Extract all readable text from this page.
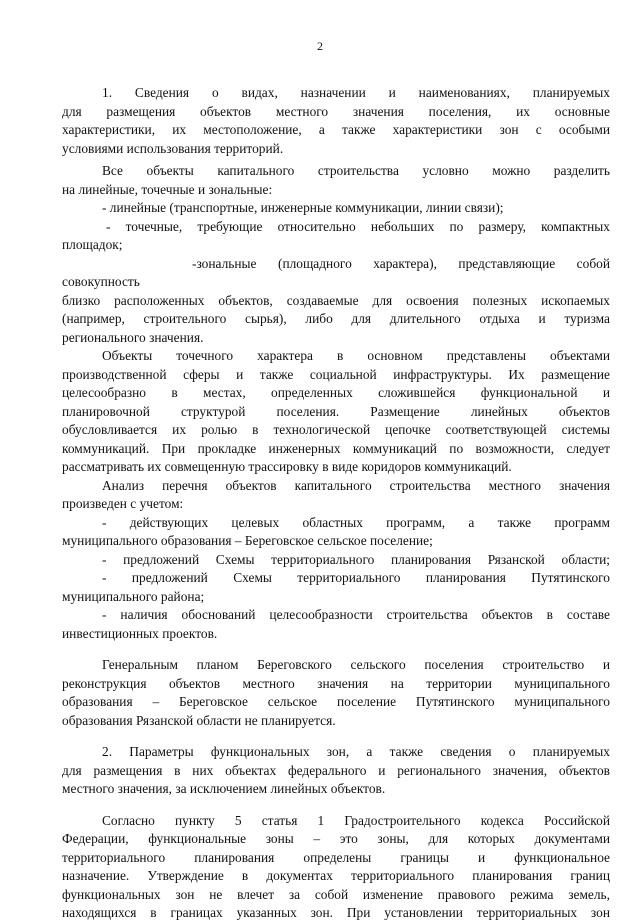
2

1. Сведения о видах, назначении и наименованиях, планируемых

для размещения объектов местного значения поселения, их основные

характеристики, их местоположение, а также характеристики зон с особыми

условиями использования территорий.

Все объекты капитального строительства условно можно разделить

на линейные, точечные и зональные:

- линейные (транспортные, инженерные коммуникации, линии связи);

- точечные, требующие относительно небольших по размеру, компактных

площадок;

-зональные (площадного характера), представляющие собой совокупность

близко расположенных объектов, создаваемые для освоения полезных ископаемых

(например, строительного сырья), либо для длительного отдыха и туризма

регионального значения.

Объекты точечного характера в основном представлены объектами

производственной сферы и также социальной инфраструктуры. Их размещение

целесообразно в местах, определенных сложившейся функциональной и

планировочной структурой поселения. Размещение линейных объектов

обусловливается их ролью в технологической цепочке соответствующей системы

коммуникаций. При прокладке инженерных коммуникаций по возможности, следует

рассматривать их совмещенную трассировку в виде коридоров коммуникаций.

Анализ перечня объектов капитального строительства местного значения

произведен с учетом:

- действующих целевых областных программ, а также программ

муниципального образования – Береговское сельское поселение;

- предложений Схемы территориального планирования Рязанской области;

- предложений Схемы территориального планирования Путятинского

муниципального района;

- наличия обоснований целесообразности строительства объектов в составе

инвестиционных проектов.

Генеральным планом Береговского сельского поселения строительство и

реконструкция объектов местного значения на территории муниципального

образования – Береговское сельское поселение Путятинского муниципального

образования Рязанской области не планируется.

2. Параметры функциональных зон, а также сведения о планируемых

для размещения в них объектах федерального и регионального значения, объектов

местного значения, за исключением линейных объектов.

Согласно пункту 5 статья 1 Градостроительного кодекса Российской

Федерации, функциональные зоны – это зоны, для которых документами

территориального планирования определены границы и функциональное

назначение. Утверждение в документах территориального планирования границ

функциональных зон не влечет за собой изменение правового режима земель,

находящихся в границах указанных зон. При установлении территориальных зон
